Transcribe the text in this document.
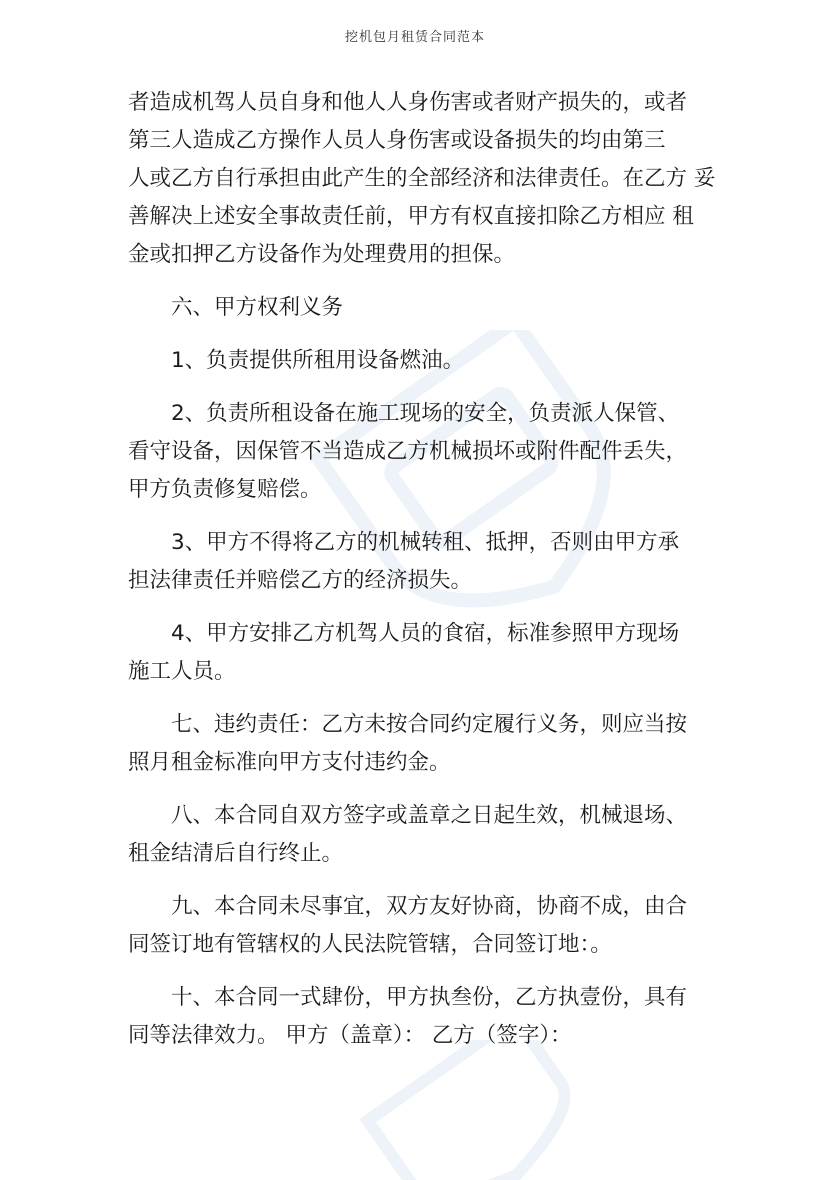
挖机包月租赁合同范本

者造成机驾人员自身和他人人身伤害或者财产损失的，或者
第三人造成乙方操作人员人身伤害或设备损失的均由第三
人或乙方自行承担由此产生的全部经济和法律责任。在乙方 妥
善解决上述安全事故责任前，甲方有权直接扣除乙方相应 租
金或扣押乙方设备作为处理费用的担保。

六、甲方权利义务

1、负责提供所租用设备燃油。

2、负责所租设备在施工现场的安全，负责派人保管、
看守设备，因保管不当造成乙方机械损坏或附件配件丢失，
甲方负责修复赔偿。

3、甲方不得将乙方的机械转租、抵押，否则由甲方承
担法律责任并赔偿乙方的经济损失。

4、甲方安排乙方机驾人员的食宿，标准参照甲方现场
施工人员。

七、违约责任：乙方未按合同约定履行义务，则应当按
照月租金标准向甲方支付违约金。

八、本合同自双方签字或盖章之日起生效，机械退场、
租金结清后自行终止。

九、本合同未尽事宜，双方友好协商，协商不成，由合
同签订地有管辖权的人民法院管辖，合同签订地：。

十、本合同一式肆份，甲方执叁份，乙方执壹份，具有
同等法律效力。 甲方（盖章）： 乙方（签字）：
